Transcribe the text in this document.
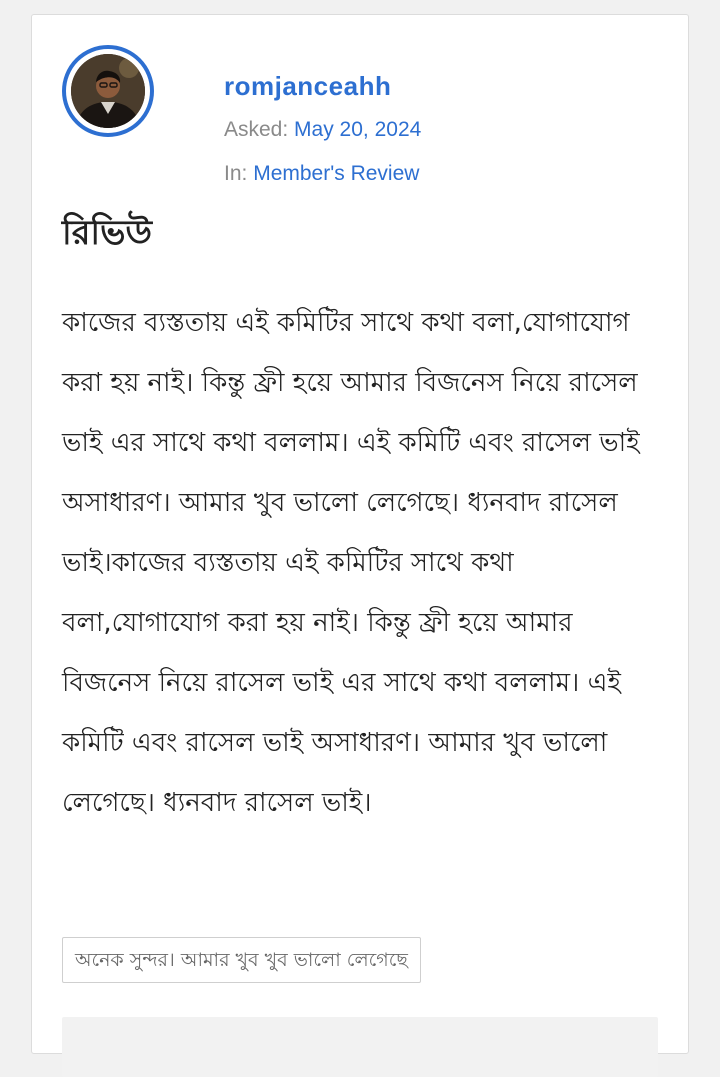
romjanceahh
Asked: May 20, 2024
In: Member's Review
রিভিউ

কাজের ব্যস্ততায় এই কমিটির সাথে কথা বলা,যোগাযোগ করা হয় নাই। কিন্তু ফ্রী হয়ে আমার বিজনেস নিয়ে রাসেল ভাই এর সাথে কথা বললাম। এই কমিটি এবং রাসেল ভাই অসাধারণ। আমার খুব ভালো লেগেছে। ধ্যনবাদ রাসেল ভাই।কাজের ব্যস্ততায় এই কমিটির সাথে কথা বলা,যোগাযোগ করা হয় নাই। কিন্তু ফ্রী হয়ে আমার বিজনেস নিয়ে রাসেল ভাই এর সাথে কথা বললাম। এই কমিটি এবং রাসেল ভাই অসাধারণ। আমার খুব ভালো লেগেছে। ধ্যনবাদ রাসেল ভাই।

অনেক সুন্দর। আমার খুব খুব ভালো লেগেছে
